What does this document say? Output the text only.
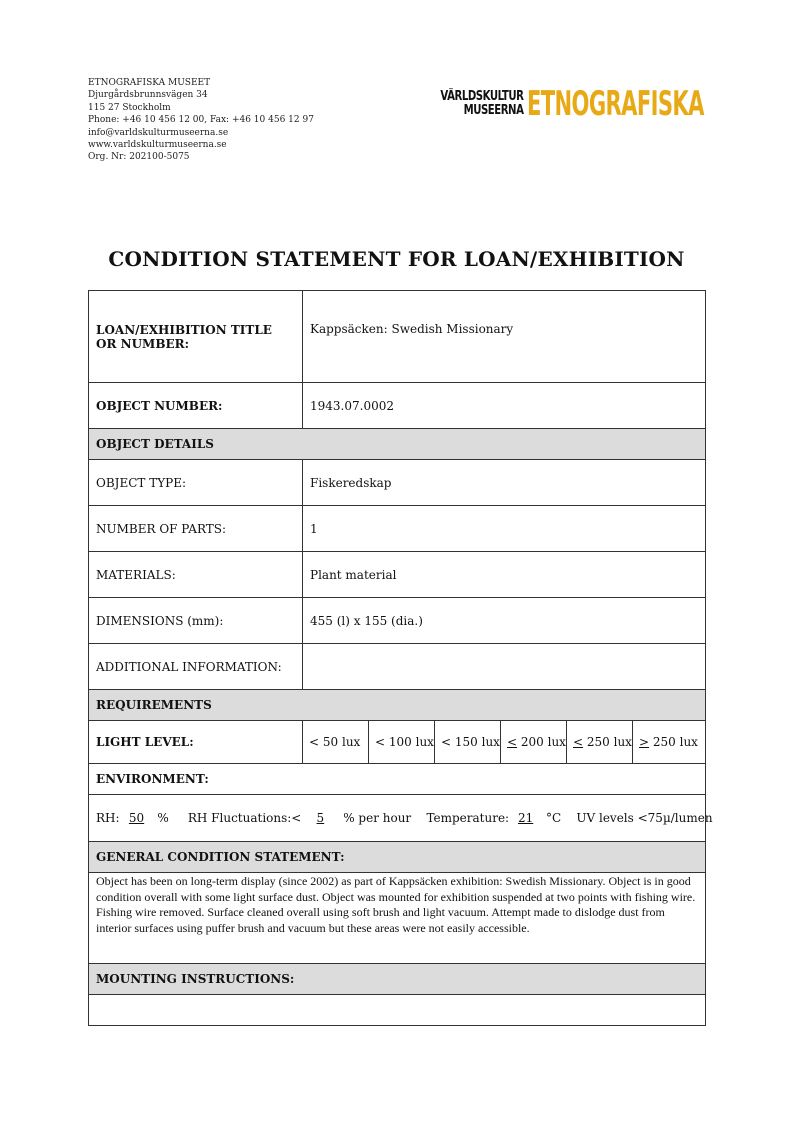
ETNOGRAFISKA MUSEET
Djurgårdsbrunnsvägen 34
115 27 Stockholm
Phone: +46 10 456 12 00, Fax: +46 10 456 12 97
info@varldskulturmuseerna.se
www.varldskulturmuseerna.se
Org. Nr: 202100-5075
VÄRLDSKULTUR
MUSEERNA ETNOGRAFISKA
CONDITION STATEMENT FOR LOAN/EXHIBITION
LOAN/EXHIBITION TITLE OR NUMBER:	Kappsäcken: Swedish Missionary					
OBJECT NUMBER:	1943.07.0002					
OBJECT DETAILS						
OBJECT TYPE:	Fiskeredskap					
NUMBER OF PARTS:	1					
MATERIALS:	Plant material					
DIMENSIONS (mm):	455 (l) x 155 (dia.)					
ADDITIONAL INFORMATION:						
REQUIREMENTS						
LIGHT LEVEL:	< 50 lux	< 100 lux	< 150 lux	< 200 lux	< 250 lux	> 250 lux
ENVIRONMENT:						
RH: 50 % RH Fluctuations:< 5 % per hour Temperature: 21 °C UV levels <75µ/lumen						
GENERAL CONDITION STATEMENT:						
Object has been on long-term display (since 2002) as part of Kappsäcken exhibition: Swedish Missionary. Object is in good condition overall with some light surface dust. Object was mounted for exhibition suspended at two points with fishing wire. Fishing wire removed. Surface cleaned overall using soft brush and light vacuum. Attempt made to dislodge dust from interior surfaces using puffer brush and vacuum but these areas were not easily accessible.						
MOUNTING INSTRUCTIONS:						
